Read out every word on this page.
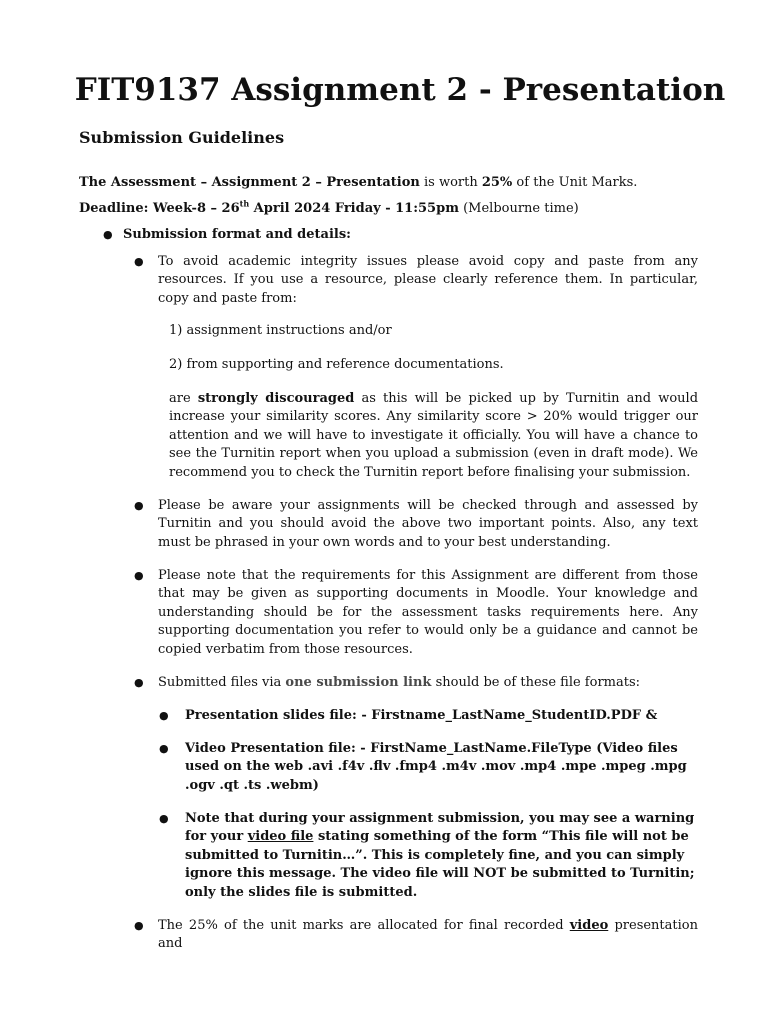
FIT9137 Assignment 2 - Presentation

Submission Guidelines

The Assessment – Assignment 2 – Presentation is worth 25% of the Unit Marks.

Deadline: Week-8 – 26th April 2024 Friday - 11:55pm (Melbourne time)

● Submission format and details:
● To avoid academic integrity issues please avoid copy and paste from any resources. If you use a resource, please clearly reference them. In particular, copy and paste from:
1) assignment instructions and/or
2) from supporting and reference documentations.
are strongly discouraged as this will be picked up by Turnitin and would increase your similarity scores. Any similarity score > 20% would trigger our attention and we will have to investigate it officially. You will have a chance to see the Turnitin report when you upload a submission (even in draft mode). We recommend you to check the Turnitin report before finalising your submission.
● Please be aware your assignments will be checked through and assessed by Turnitin and you should avoid the above two important points. Also, any text must be phrased in your own words and to your best understanding.
● Please note that the requirements for this Assignment are different from those that may be given as supporting documents in Moodle. Your knowledge and understanding should be for the assessment tasks requirements here. Any supporting documentation you refer to would only be a guidance and cannot be copied verbatim from those resources.
● Submitted files via one submission link should be of these file formats:
● Presentation slides file: - Firstname_LastName_StudentID.PDF &
● Video Presentation file: - FirstName_LastName.FileType (Video files used on the web .avi .f4v .flv .fmp4 .m4v .mov .mp4 .mpe .mpeg .mpg .ogv .qt .ts .webm)
● Note that during your assignment submission, you may see a warning for your video file stating something of the form “This file will not be submitted to Turnitin…”. This is completely fine, and you can simply ignore this message. The video file will NOT be submitted to Turnitin; only the slides file is submitted.
● The 25% of the unit marks are allocated for final recorded video presentation and
